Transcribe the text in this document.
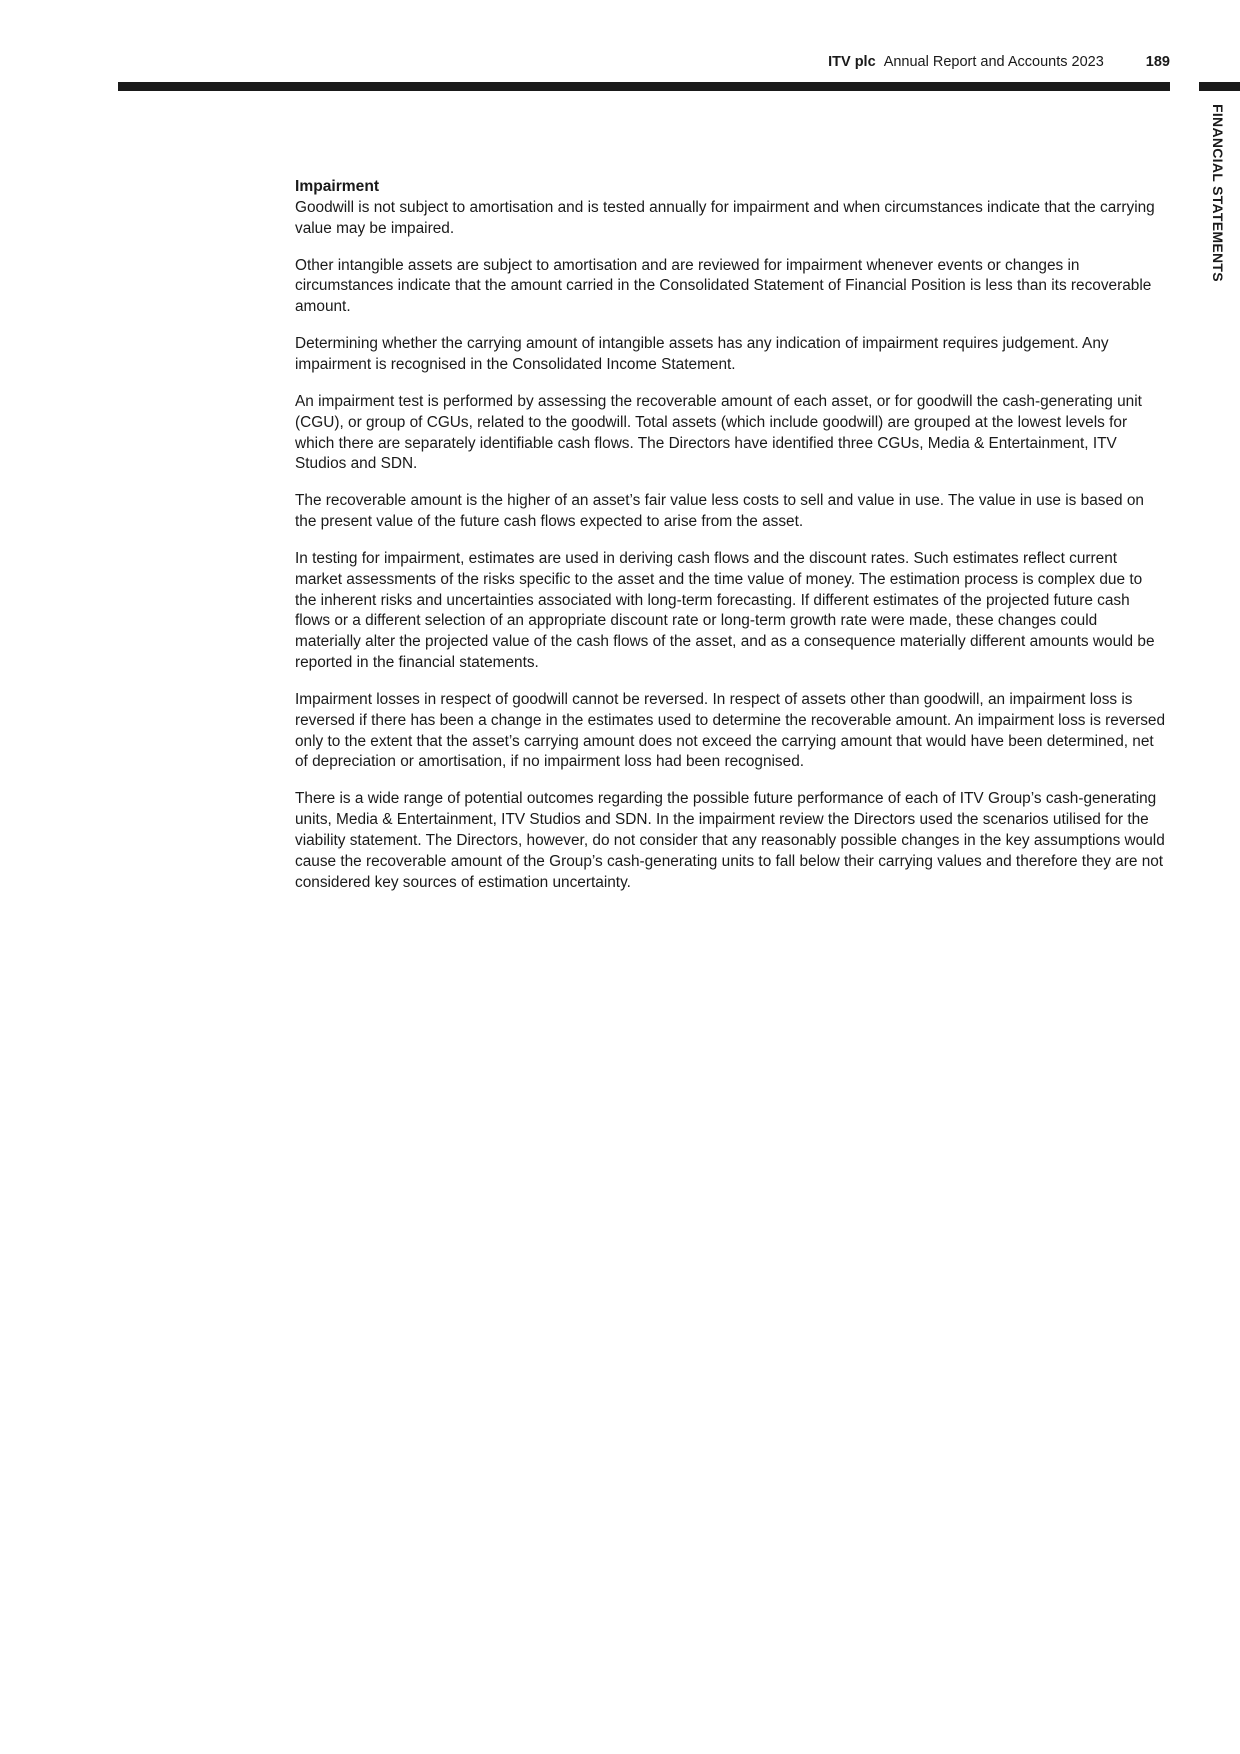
ITV plc Annual Report and Accounts 2023	189
FINANCIAL STATEMENTS
Impairment

Goodwill is not subject to amortisation and is tested annually for impairment and when circumstances indicate that the carrying value may be impaired.

Other intangible assets are subject to amortisation and are reviewed for impairment whenever events or changes in circumstances indicate that the amount carried in the Consolidated Statement of Financial Position is less than its recoverable amount.

Determining whether the carrying amount of intangible assets has any indication of impairment requires judgement. Any impairment is recognised in the Consolidated Income Statement.

An impairment test is performed by assessing the recoverable amount of each asset, or for goodwill the cash-generating unit (CGU), or group of CGUs, related to the goodwill. Total assets (which include goodwill) are grouped at the lowest levels for which there are separately identifiable cash flows. The Directors have identified three CGUs, Media & Entertainment, ITV Studios and SDN.

The recoverable amount is the higher of an asset’s fair value less costs to sell and value in use. The value in use is based on the present value of the future cash flows expected to arise from the asset.

In testing for impairment, estimates are used in deriving cash flows and the discount rates. Such estimates reflect current market assessments of the risks specific to the asset and the time value of money. The estimation process is complex due to the inherent risks and uncertainties associated with long-term forecasting. If different estimates of the projected future cash flows or a different selection of an appropriate discount rate or long-term growth rate were made, these changes could materially alter the projected value of the cash flows of the asset, and as a consequence materially different amounts would be reported in the financial statements.

Impairment losses in respect of goodwill cannot be reversed. In respect of assets other than goodwill, an impairment loss is reversed if there has been a change in the estimates used to determine the recoverable amount. An impairment loss is reversed only to the extent that the asset’s carrying amount does not exceed the carrying amount that would have been determined, net of depreciation or amortisation, if no impairment loss had been recognised.

There is a wide range of potential outcomes regarding the possible future performance of each of ITV Group’s cash-generating units, Media & Entertainment, ITV Studios and SDN. In the impairment review the Directors used the scenarios utilised for the viability statement. The Directors, however, do not consider that any reasonably possible changes in the key assumptions would cause the recoverable amount of the Group’s cash-generating units to fall below their carrying values and therefore they are not considered key sources of estimation uncertainty.
